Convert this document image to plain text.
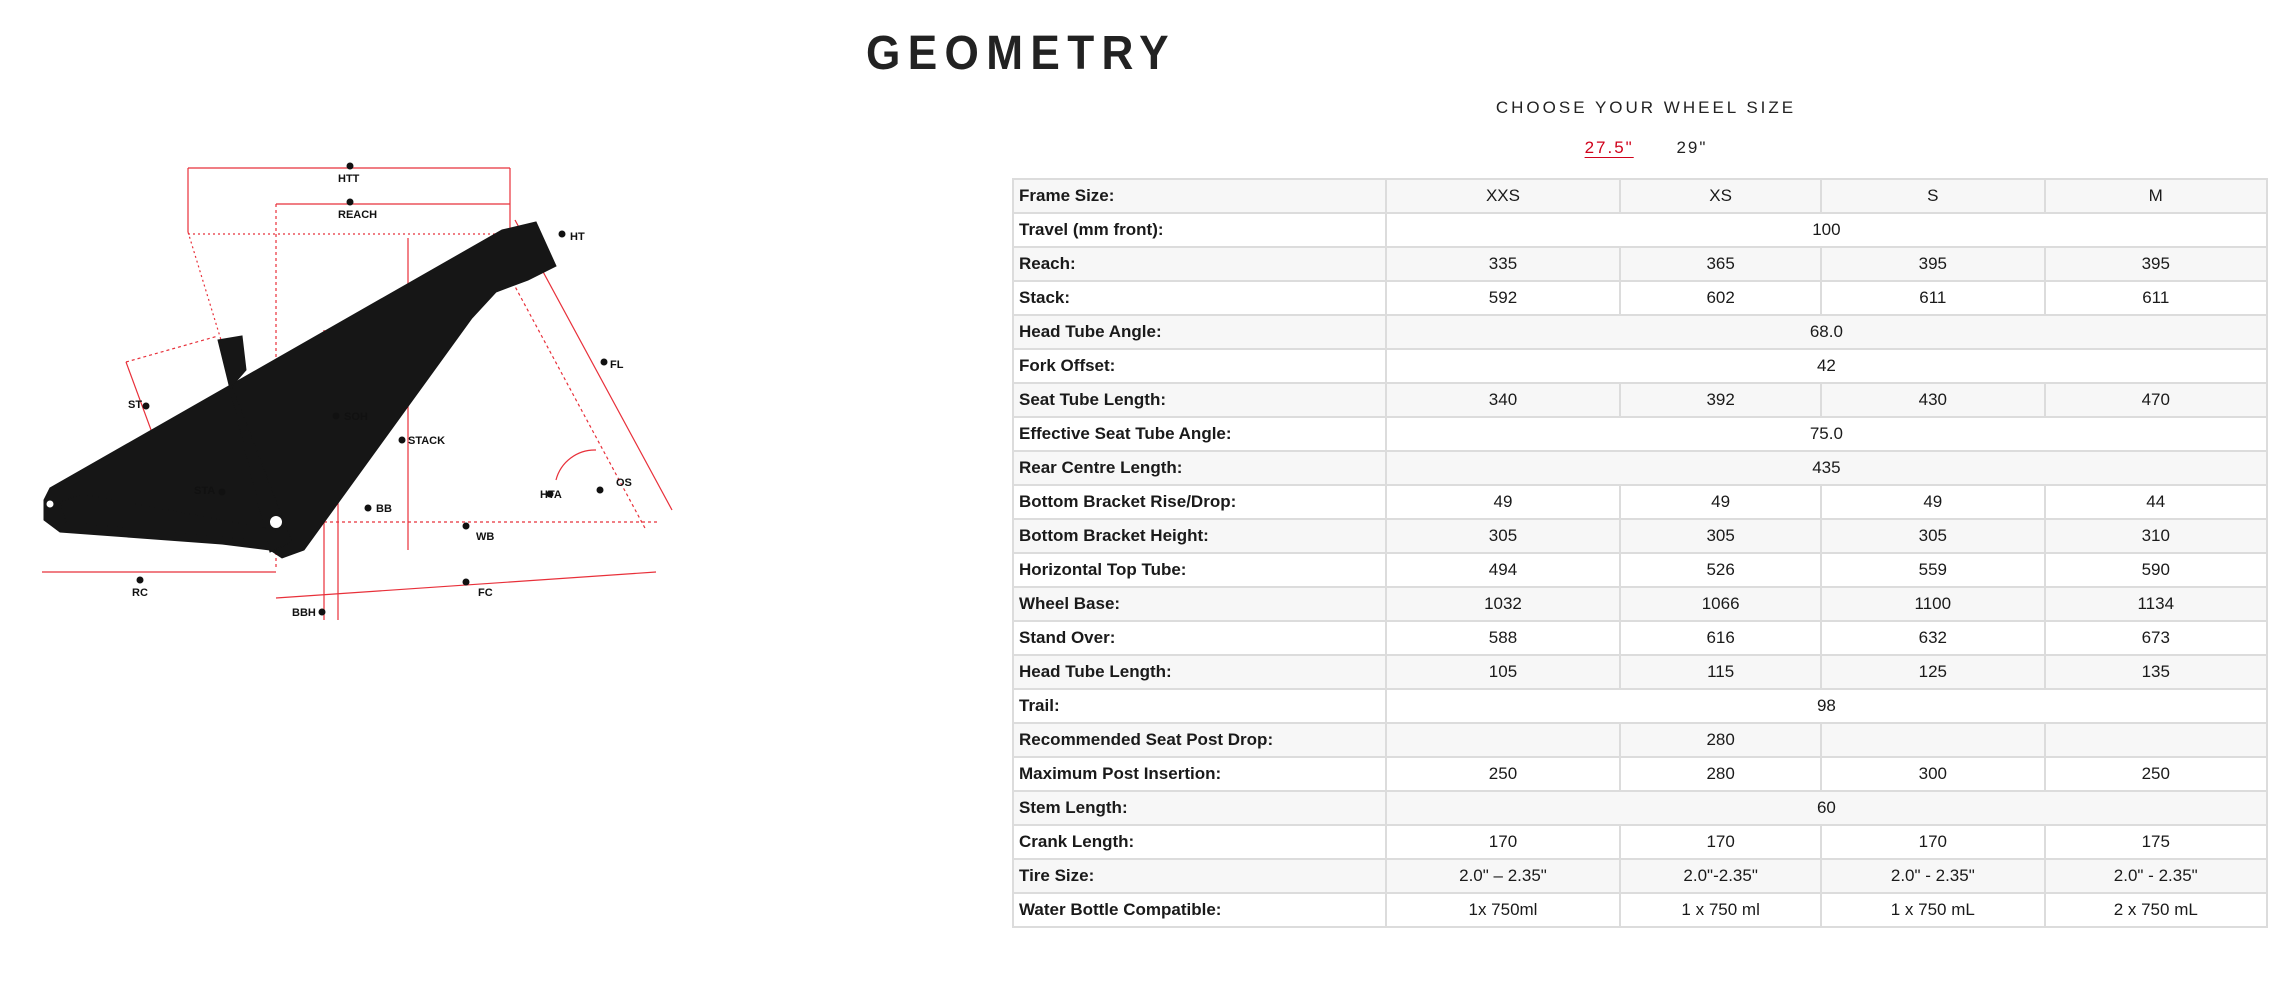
GEOMETRY
HTT
REACH
HT
FL
ST
SOH
STACK
STA
BB
HTA
OS
WB
RC	FC
BBH

CHOOSE YOUR WHEEL SIZE

27.5"	29"
Frame Size:	XXS	XS	S	M
Travel (mm front):	100			
Reach:	335	365	395	395
Stack:	592	602	611	611
Head Tube Angle:	68.0			
Fork Offset:	42			
Seat Tube Length:	340	392	430	470
Effective Seat Tube Angle:	75.0			
Rear Centre Length:	435			
Bottom Bracket Rise/Drop:	49	49	49	44
Bottom Bracket Height:	305	305	305	310
Horizontal Top Tube:	494	526	559	590
Wheel Base:	1032	1066	1100	1134
Stand Over:	588	616	632	673
Head Tube Length:	105	115	125	135
Trail:	98			
Recommended Seat Post Drop:		280		
Maximum Post Insertion:	250	280	300	250
Stem Length:	60			
Crank Length:	170	170	170	175
Tire Size:	2.0" – 2.35"	2.0"-2.35"	2.0" - 2.35"	2.0" - 2.35"
Water Bottle Compatible:	1x 750ml	1 x 750 ml	1 x 750 mL	2 x 750 mL
